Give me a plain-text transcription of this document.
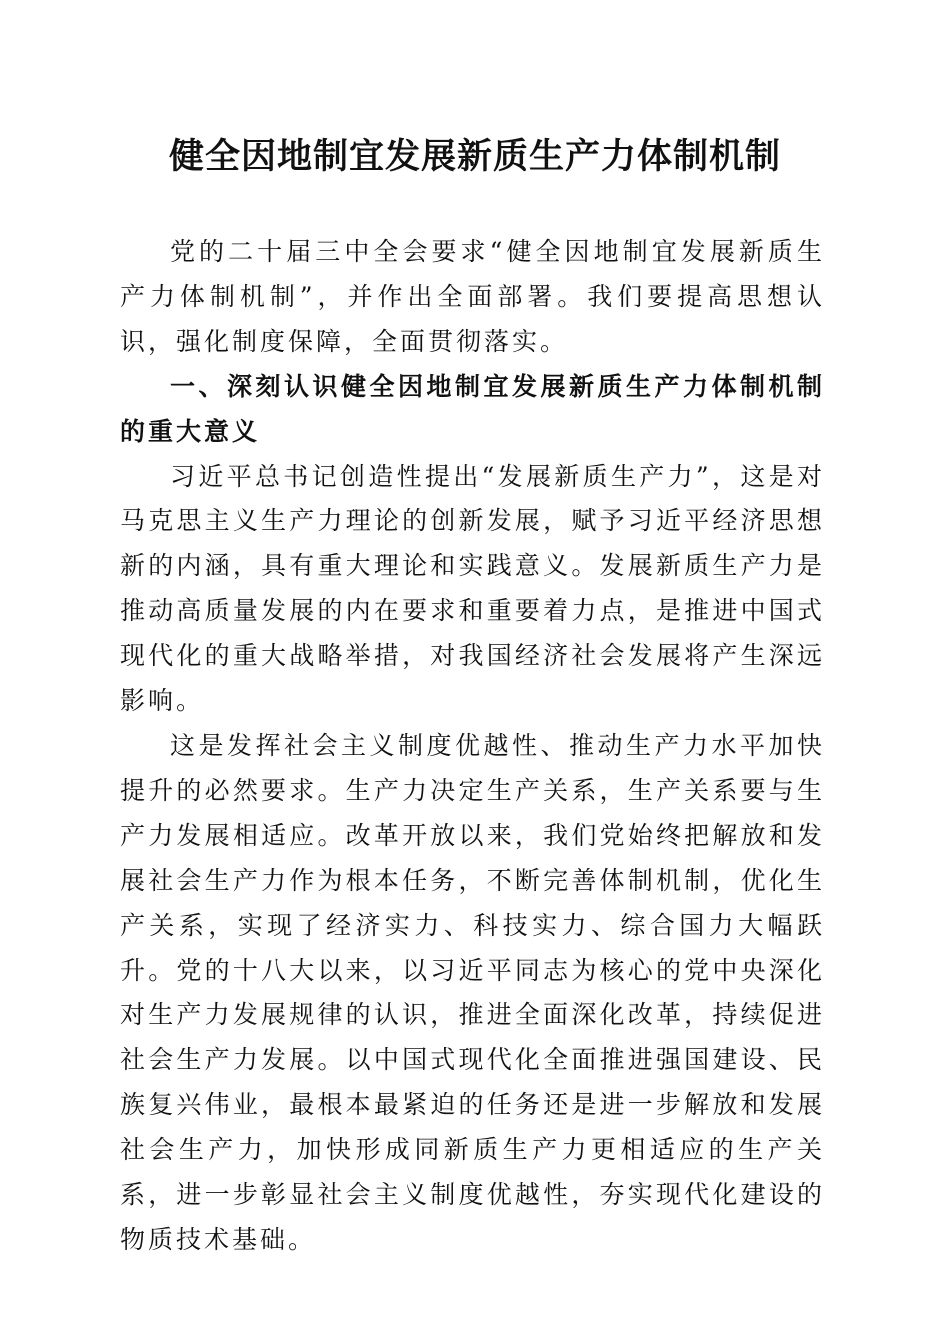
健全因地制宜发展新质生产力体制机制

党的二十届三中全会要求“健全因地制宜发展新质生产力体制机制”，并作出全面部署。我们要提高思想认识，强化制度保障，全面贯彻落实。

一、深刻认识健全因地制宜发展新质生产力体制机制的重大意义

习近平总书记创造性提出“发展新质生产力”，这是对马克思主义生产力理论的创新发展，赋予习近平经济思想新的内涵，具有重大理论和实践意义。发展新质生产力是推动高质量发展的内在要求和重要着力点，是推进中国式现代化的重大战略举措，对我国经济社会发展将产生深远影响。

这是发挥社会主义制度优越性、推动生产力水平加快提升的必然要求。生产力决定生产关系，生产关系要与生产力发展相适应。改革开放以来，我们党始终把解放和发展社会生产力作为根本任务，不断完善体制机制，优化生产关系，实现了经济实力、科技实力、综合国力大幅跃升。党的十八大以来，以习近平同志为核心的党中央深化对生产力发展规律的认识，推进全面深化改革，持续促进社会生产力发展。以中国式现代化全面推进强国建设、民族复兴伟业，最根本最紧迫的任务还是进一步解放和发展社会生产力，加快形成同新质生产力更相适应的生产关系，进一步彰显社会主义制度优越性，夯实现代化建设的物质技术基础。
